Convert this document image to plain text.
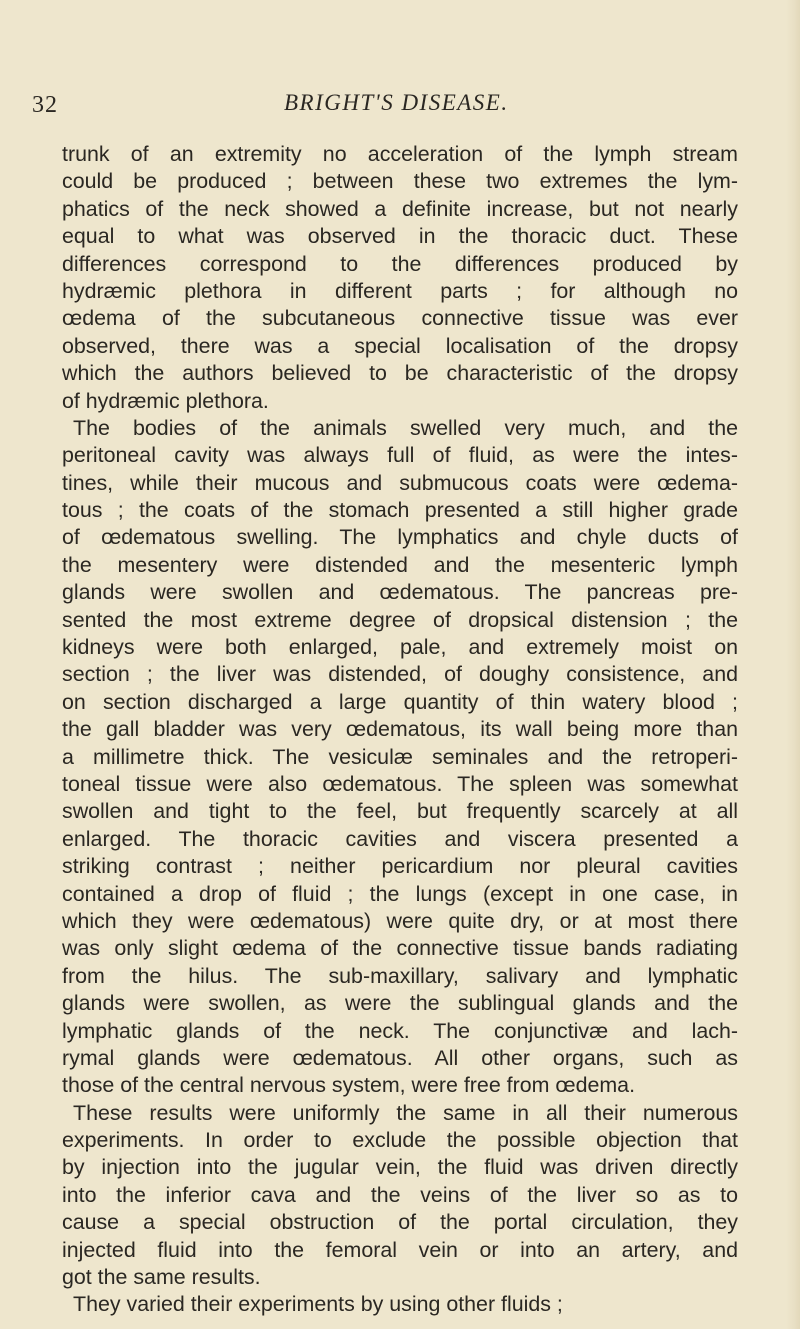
32	BRIGHT'S DISEASE.
trunk of an extremity no acceleration of the lymph stream
could be produced ; between these two extremes the lym-
phatics of the neck showed a definite increase, but not nearly
equal to what was observed in the thoracic duct. These
differences correspond to the differences produced by
hydræmic plethora in different parts ; for although no
œdema of the subcutaneous connective tissue was ever
observed, there was a special localisation of the dropsy
which the authors believed to be characteristic of the dropsy
of hydræmic plethora.
The bodies of the animals swelled very much, and the
peritoneal cavity was always full of fluid, as were the intes-
tines, while their mucous and submucous coats were œdema-
tous ; the coats of the stomach presented a still higher grade
of œdematous swelling. The lymphatics and chyle ducts of
the mesentery were distended and the mesenteric lymph
glands were swollen and œdematous. The pancreas pre-
sented the most extreme degree of dropsical distension ; the
kidneys were both enlarged, pale, and extremely moist on
section ; the liver was distended, of doughy consistence, and
on section discharged a large quantity of thin watery blood ;
the gall bladder was very œdematous, its wall being more than
a millimetre thick. The vesiculæ seminales and the retroperi-
toneal tissue were also œdematous. The spleen was somewhat
swollen and tight to the feel, but frequently scarcely at all
enlarged. The thoracic cavities and viscera presented a
striking contrast ; neither pericardium nor pleural cavities
contained a drop of fluid ; the lungs (except in one case, in
which they were œdematous) were quite dry, or at most there
was only slight œdema of the connective tissue bands radiating
from the hilus. The sub-maxillary, salivary and lymphatic
glands were swollen, as were the sublingual glands and the
lymphatic glands of the neck. The conjunctivæ and lach-
rymal glands were œdematous. All other organs, such as
those of the central nervous system, were free from œdema.
These results were uniformly the same in all their numerous
experiments. In order to exclude the possible objection that
by injection into the jugular vein, the fluid was driven directly
into the inferior cava and the veins of the liver so as to
cause a special obstruction of the portal circulation, they
injected fluid into the femoral vein or into an artery, and
got the same results.
They varied their experiments by using other fluids ;
